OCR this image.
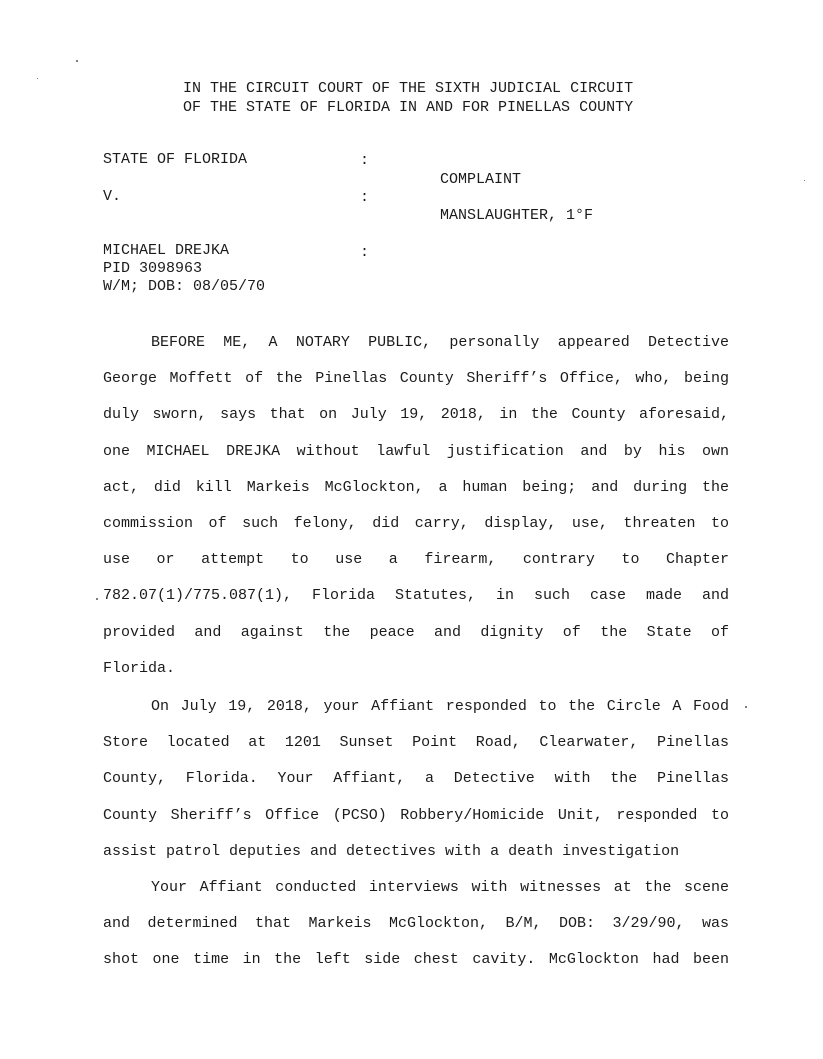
IN THE CIRCUIT COURT OF THE SIXTH JUDICIAL CIRCUIT
OF THE STATE OF FLORIDA IN AND FOR PINELLAS COUNTY
STATE OF FLORIDA
V.
MICHAEL DREJKA
PID 3098963
W/M; DOB: 08/05/70
:
:
:
COMPLAINT
MANSLAUGHTER, 1°F
BEFORE ME, A NOTARY PUBLIC, personally appeared Detective
George Moffett of the Pinellas County Sheriff’s Office, who, being
duly sworn, says that on July 19, 2018, in the County aforesaid,
one MICHAEL DREJKA without lawful justification and by his own
act, did kill Markeis McGlockton, a human being; and during the
commission of such felony, did carry, display, use, threaten to
use or attempt to use a firearm, contrary to Chapter
782.07(1)/775.087(1), Florida Statutes, in such case made and
provided and against the peace and dignity of the State of
Florida.
On July 19, 2018, your Affiant responded to the Circle A Food
Store located at 1201 Sunset Point Road, Clearwater, Pinellas
County, Florida. Your Affiant, a Detective with the Pinellas
County Sheriff’s Office (PCSO) Robbery/Homicide Unit, responded to
assist patrol deputies and detectives with a death investigation
Your Affiant conducted interviews with witnesses at the scene
and determined that Markeis McGlockton, B/M, DOB: 3/29/90, was
shot one time in the left side chest cavity. McGlockton had been
